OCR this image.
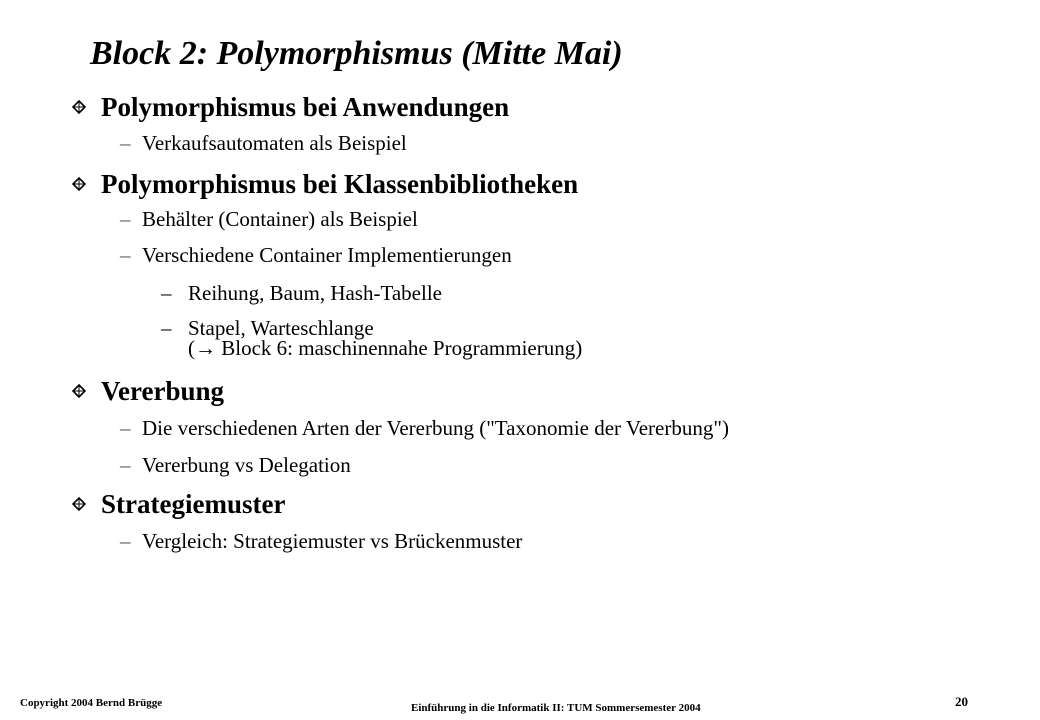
Block 2: Polymorphismus (Mitte Mai)
Polymorphismus bei Anwendungen
– Verkaufsautomaten als Beispiel
Polymorphismus bei Klassenbibliotheken
– Behälter (Container) als Beispiel
– Verschiedene Container Implementierungen
– Reihung, Baum, Hash-Tabelle
– Stapel, Warteschlange
(→ Block 6: maschinennahe Programmierung)
Vererbung
– Die verschiedenen Arten der Vererbung ("Taxonomie der Vererbung")
– Vererbung vs Delegation
Strategiemuster
– Vergleich: Strategiemuster vs Brückenmuster
Copyright 2004 Bernd Brügge	Einführung in die Informatik II: TUM Sommersemester 2004	20
